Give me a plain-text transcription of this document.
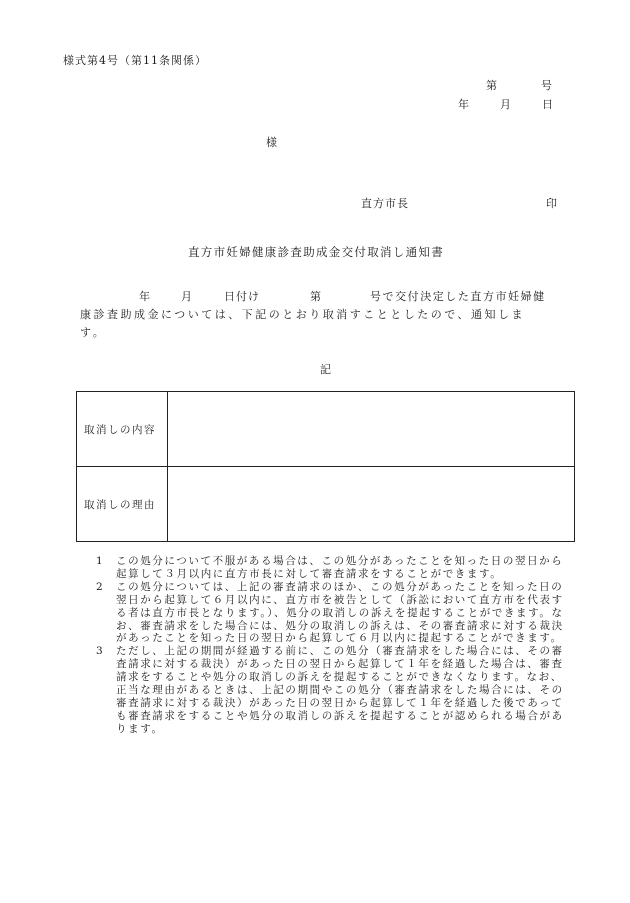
様式第4号（第11条関係）
第	号
年	月	日
様
直方市長	印
直方市妊婦健康診査助成金交付取消し通知書
年	月	日付け	第	号で交付決定した直方市妊婦健
康診査助成金については、下記のとおり取消すこととしたので、通知しま
す。
記
取消しの内容	
取消しの理由	
1 この処分について不服がある場合は、この処分があったことを知った日の翌日から起算して３月以内に直方市長に対して審査請求をすることができます。
2 この処分については、上記の審査請求のほか、この処分があったことを知った日の翌日から起算して６月以内に、直方市を被告として（訴訟において直方市を代表する者は直方市長となります。）、処分の取消しの訴えを提起することができます。なお、審査請求をした場合には、処分の取消しの訴えは、その審査請求に対する裁決があったことを知った日の翌日から起算して６月以内に提起することができます。
3 ただし、上記の期間が経過する前に、この処分（審査請求をした場合には、その審査請求に対する裁決）があった日の翌日から起算して１年を経過した場合は、審査請求をすることや処分の取消しの訴えを提起することができなくなります。なお、正当な理由があるときは、上記の期間やこの処分（審査請求をした場合には、その審査請求に対する裁決）があった日の翌日から起算して１年を経過した後であっても審査請求をすることや処分の取消しの訴えを提起することが認められる場合があります。
